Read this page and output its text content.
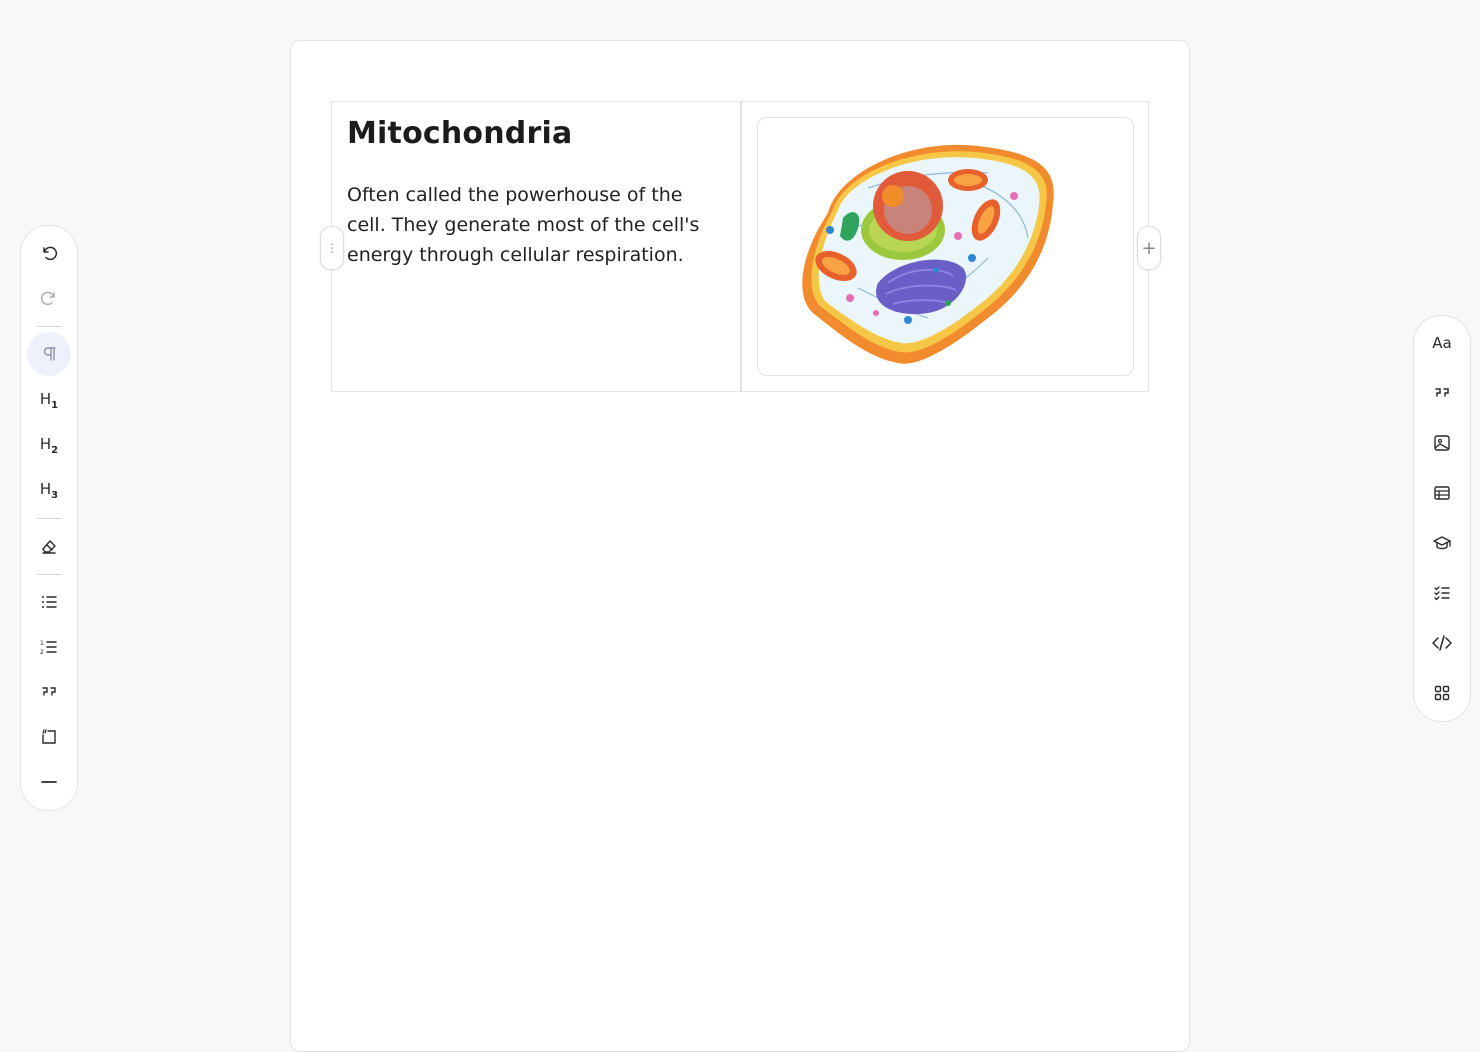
Mitochondria

Often called the powerhouse of the cell. They generate most of the cell's energy through cellular respiration.

⋮	+
$H_1$
$H_2$
$H_3$
1
2
Aa
